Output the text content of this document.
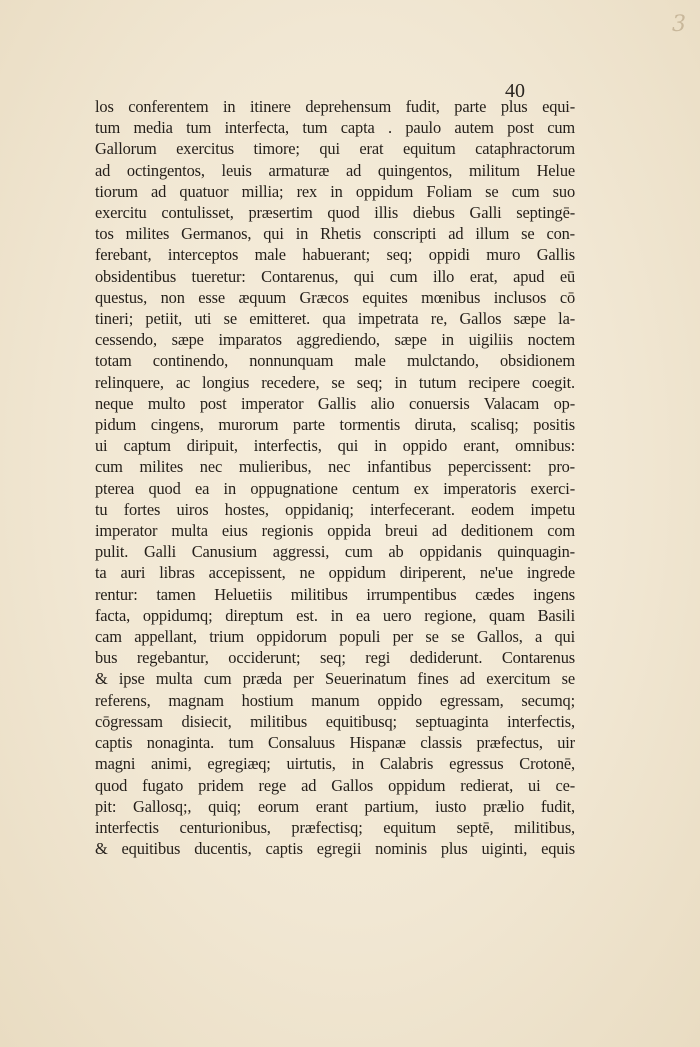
3
40
los conferentem in itinere deprehensum fudit, parte plus equi-
tum media tum interfecta, tum capta . paulo autem post cum
Gallorum exercitus timore; qui erat equitum cataphractorum
ad octingentos, leuis armaturæ ad quingentos, militum Helue
tiorum ad quatuor millia; rex in oppidum Foliam se cum suo
exercitu contulisset, præsertim quod illis diebus Galli septingē-
tos milites Germanos, qui in Rhetis conscripti ad illum se con-
ferebant, interceptos male habuerant; seq; oppidi muro Gallis
obsidentibus tueretur: Contarenus, qui cum illo erat, apud eū
questus, non esse æquum Græcos equites mœnibus inclusos cō
tineri; petiit, uti se emitteret. qua impetrata re, Gallos sæpe la-
cessendo, sæpe imparatos aggrediendo, sæpe in uigiliis noctem
totam continendo, nonnunquam male mulctando, obsidionem
relinquere, ac longius recedere, se seq; in tutum recipere coegit.
neque multo post imperator Gallis alio conuersis Valacam op-
pidum cingens, murorum parte tormentis diruta, scalisq; positis
ui captum diripuit, interfectis, qui in oppido erant, omnibus:
cum milites nec mulieribus, nec infantibus pepercissent: pro-
pterea quod ea in oppugnatione centum ex imperatoris exerci-
tu fortes uiros hostes, oppidaniq; interfecerant. eodem impetu
imperator multa eius regionis oppida breui ad deditionem com
pulit. Galli Canusium aggressi, cum ab oppidanis quinquagin-
ta auri libras accepissent, ne oppidum diriperent, ne'ue ingrede
rentur: tamen Heluetiis militibus irrumpentibus cædes ingens
facta, oppidumq; direptum est. in ea uero regione, quam Basili
cam appellant, trium oppidorum populi per se se Gallos, a qui
bus regebantur, occiderunt; seq; regi dediderunt. Contarenus
& ipse multa cum præda per Seuerinatum fines ad exercitum se
referens, magnam hostium manum oppido egressam, secumq;
cōgressam disiecit, militibus equitibusq; septuaginta interfectis,
captis nonaginta. tum Consaluus Hispanæ classis præfectus, uir
magni animi, egregiæq; uirtutis, in Calabris egressus Crotonē,
quod fugato pridem rege ad Gallos oppidum redierat, ui ce-
pit: Gallosq;, quiq; eorum erant partium, iusto prælio fudit,
interfectis centurionibus, præfectisq; equitum septē, militibus,
& equitibus ducentis, captis egregii nominis plus uiginti, equis
